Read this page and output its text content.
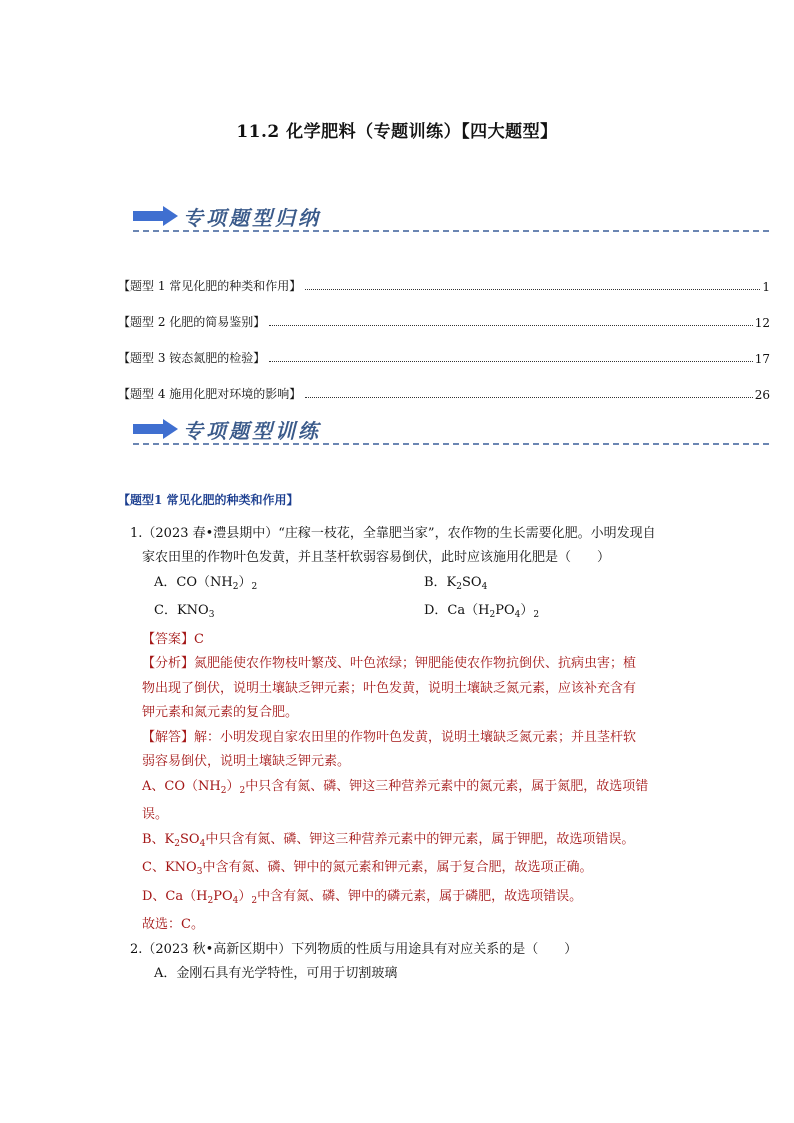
11.2 化学肥料（专题训练）【四大题型】
专项题型归纳
【题型 1 常见化肥的种类和作用】	1
【题型 2 化肥的简易鉴别】	12
【题型 3 铵态氮肥的检验】	17
【题型 4 施用化肥对环境的影响】	26
专项题型训练
【题型1 常见化肥的种类和作用】
1.（2023 春•澧县期中）“庄稼一枝花，全靠肥当家”，农作物的生长需要化肥。小明发现自
家农田里的作物叶色发黄，并且茎杆软弱容易倒伏，此时应该施用化肥是（　　）
A．$CO(NH_2)_2$	B．$K_2SO_4$
C．$KNO_3$	D．$Ca(H_2PO_4)_2$
【答案】C
【分析】氮肥能使农作物枝叶繁茂、叶色浓绿；钾肥能使农作物抗倒伏、抗病虫害；植
物出现了倒伏，说明土壤缺乏钾元素；叶色发黄，说明土壤缺乏氮元素，应该补充含有
钾元素和氮元素的复合肥。
【解答】解：小明发现自家农田里的作物叶色发黄，说明土壤缺乏氮元素；并且茎杆软
弱容易倒伏，说明土壤缺乏钾元素。
A、$CO(NH_2)_2$中只含有氮、磷、钾这三种营养元素中的氮元素，属于氮肥，故选项错
误。
B、$K_2SO_4$中只含有氮、磷、钾这三种营养元素中的钾元素，属于钾肥，故选项错误。
C、$KNO_3$中含有氮、磷、钾中的氮元素和钾元素，属于复合肥，故选项正确。
D、$Ca(H_2PO_4)_2$中含有氮、磷、钾中的磷元素，属于磷肥，故选项错误。
故选：C。
2.（2023 秋•高新区期中）下列物质的性质与用途具有对应关系的是（　　）
A．金刚石具有光学特性，可用于切割玻璃
